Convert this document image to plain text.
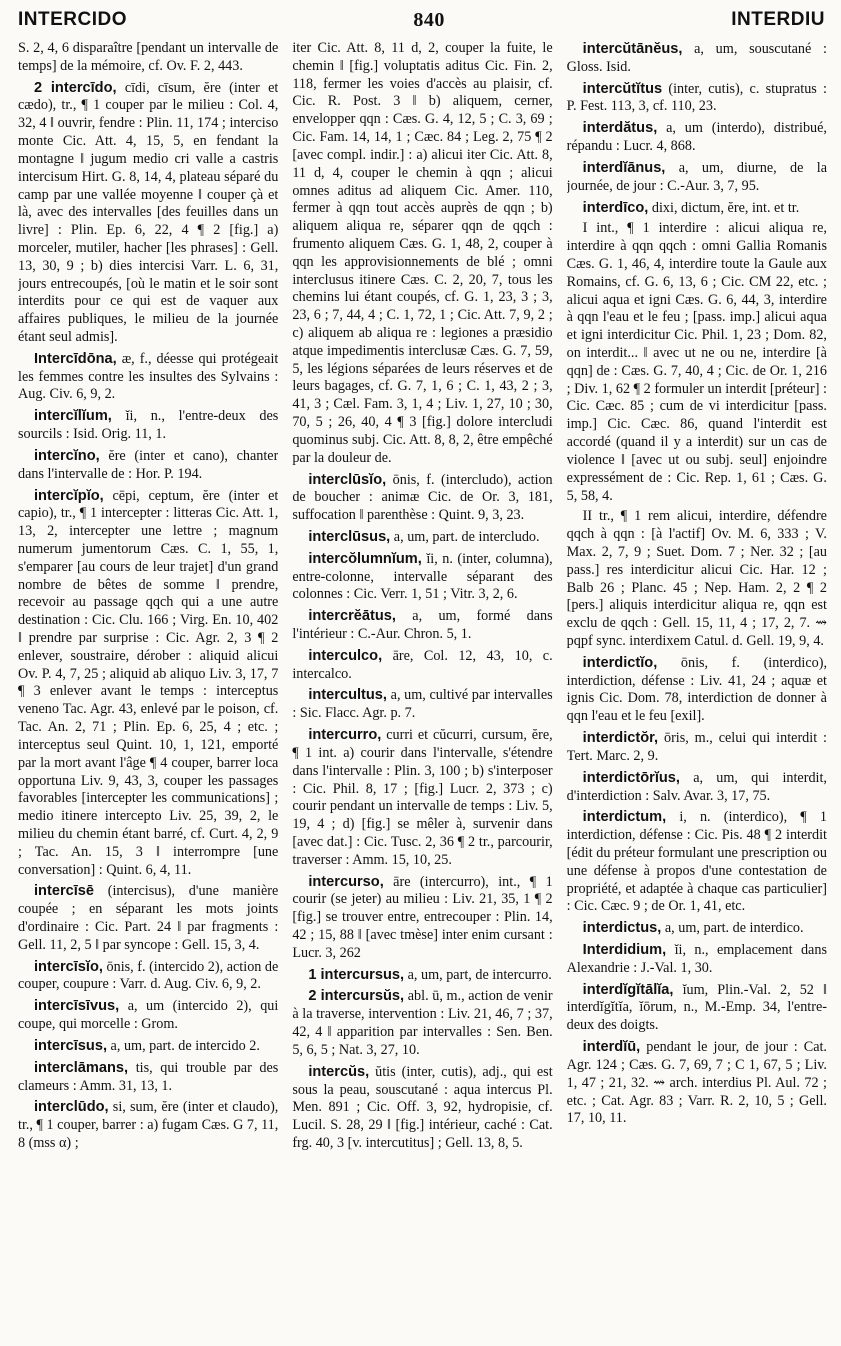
INTERCIDO	840	INTERDIU

S. 2, 4, 6 disparaître [pendant un intervalle de temps] de la mémoire, cf. Ov. F. 2, 443.

2 intercīdo, cīdi, cīsum, ĕre (inter et cædo), tr., ¶ 1 couper par le milieu : Col. 4, 32, 4 ‖ ouvrir, fendre : Plin. 11, 174 ; interciso monte Cic. Att. 4, 15, 5, en fendant la montagne ‖ jugum medio cri valle a castris intercisum Hirt. G. 8, 14, 4, plateau séparé du camp par une vallée moyenne ‖ couper çà et là, avec des intervalles [des feuilles dans un livre] : Plin. Ep. 6, 22, 4 ¶ 2 [fig.] a) morceler, mutiler, hacher [les phrases] : Gell. 13, 30, 9 ; b) dies intercisi Varr. L. 6, 31, jours entrecoupés, [où le matin et le soir sont interdits pour ce qui est de vaquer aux affaires publiques, le milieu de la journée étant seul admis].

Intercīdōna, æ, f., déesse qui protégeait les femmes contre les insultes des Sylvains : Aug. Civ. 6, 9, 2.

intercĭlĭum, ĭi, n., l'entre-deux des sourcils : Isid. Orig. 11, 1.

intercĭno, ĕre (inter et cano), chanter dans l'intervalle de : Hor. P. 194.

intercĭpĭo, cēpi, ceptum, ĕre (inter et capio), tr., ¶ 1 intercepter : litteras Cic. Att. 1, 13, 2, intercepter une lettre ; magnum numerum jumentorum Cæs. C. 1, 55, 1, s'emparer [au cours de leur trajet] d'un grand nombre de bêtes de somme ‖ prendre, recevoir au passage qqch qui a une autre destination : Cic. Clu. 166 ; Virg. En. 10, 402 ‖ prendre par surprise : Cic. Agr. 2, 3 ¶ 2 enlever, soustraire, dérober : aliquid alicui Ov. P. 4, 7, 25 ; aliquid ab aliquo Liv. 3, 17, 7 ¶ 3 enlever avant le temps : interceptus veneno Tac. Agr. 43, enlevé par le poison, cf. Tac. An. 2, 71 ; Plin. Ep. 6, 25, 4 ; etc. ; interceptus seul Quint. 10, 1, 121, emporté par la mort avant l'âge ¶ 4 couper, barrer loca opportuna Liv. 9, 43, 3, couper les passages favorables [intercepter les communications] ; medio itinere intercepto Liv. 25, 39, 2, le milieu du chemin étant barré, cf. Curt. 4, 2, 9 ; Tac. An. 15, 3 ‖ interrompre [une conversation] : Quint. 6, 4, 11.

intercīsē (intercisus), d'une manière coupée ; en séparant les mots joints d'ordinaire : Cic. Part. 24 ‖ par fragments : Gell. 11, 2, 5 ‖ par syncope : Gell. 15, 3, 4.

intercīsĭo, ōnis, f. (intercido 2), action de couper, coupure : Varr. d. Aug. Civ. 6, 9, 2.

intercīsīvus, a, um (intercido 2), qui coupe, qui morcelle : Grom.

intercīsus, a, um, part. de intercido 2.

interclāmans, tis, qui trouble par des clameurs : Amm. 31, 13, 1.

interclūdo, si, sum, ĕre (inter et claudo), tr., ¶ 1 couper, barrer : a) fugam Cæs. G 7, 11, 8 (mss α) ;

iter Cic. Att. 8, 11 d, 2, couper la fuite, le chemin ‖ [fig.] voluptatis aditus Cic. Fin. 2, 118, fermer les voies d'accès au plaisir, cf. Cic. R. Post. 3 ‖ b) aliquem, cerner, envelopper qqn : Cæs. G. 4, 12, 5 ; C. 3, 69 ; Cic. Fam. 14, 14, 1 ; Cæc. 84 ; Leg. 2, 75 ¶ 2 [avec compl. indir.] : a) alicui iter Cic. Att. 8, 11 d, 4, couper le chemin à qqn ; alicui omnes aditus ad aliquem Cic. Amer. 110, fermer à qqn tout accès auprès de qqn ; b) aliquem aliqua re, séparer qqn de qqch : frumento aliquem Cæs. G. 1, 48, 2, couper à qqn les approvisionnements de blé ; omni interclusus itinere Cæs. C. 2, 20, 7, tous les chemins lui étant coupés, cf. G. 1, 23, 3 ; 3, 23, 6 ; 7, 44, 4 ; C. 1, 72, 1 ; Cic. Att. 7, 9, 2 ; c) aliquem ab aliqua re : legiones a præsidio atque impedimentis interclusæ Cæs. G. 7, 59, 5, les légions séparées de leurs réserves et de leurs bagages, cf. G. 7, 1, 6 ; C. 1, 43, 2 ; 3, 41, 3 ; Cæl. Fam. 3, 1, 4 ; Liv. 1, 27, 10 ; 30, 70, 5 ; 26, 40, 4 ¶ 3 [fig.] dolore intercludi quominus subj. Cic. Att. 8, 8, 2, être empêché par la douleur de.

interclūsĭo, ōnis, f. (intercludo), action de boucher : animæ Cic. de Or. 3, 181, suffocation ‖ parenthèse : Quint. 9, 3, 23.

interclūsus, a, um, part. de intercludo.

intercŏlumnĭum, ĭi, n. (inter, columna), entre-colonne, intervalle séparant des colonnes : Cic. Verr. 1, 51 ; Vitr. 3, 2, 6.

intercrĕātus, a, um, formé dans l'intérieur : C.-Aur. Chron. 5, 1.

interculco, āre, Col. 12, 43, 10, c. intercalco.

intercultus, a, um, cultivé par intervalles : Sic. Flacc. Agr. p. 7.

intercurro, curri et cŭcurri, cursum, ĕre, ¶ 1 int. a) courir dans l'intervalle, s'étendre dans l'intervalle : Plin. 3, 100 ; b) s'interposer : Cic. Phil. 8, 17 ; [fig.] Lucr. 2, 373 ; c) courir pendant un intervalle de temps : Liv. 5, 19, 4 ; d) [fig.] se mêler à, survenir dans [avec dat.] : Cic. Tusc. 2, 36 ¶ 2 tr., parcourir, traverser : Amm. 15, 10, 25.

intercurso, āre (intercurro), int., ¶ 1 courir (se jeter) au milieu : Liv. 21, 35, 1 ¶ 2 [fig.] se trouver entre, entrecouper : Plin. 14, 42 ; 15, 88 ‖ [avec tmèse] inter enim cursant : Lucr. 3, 262

1 intercursus, a, um, part, de intercurro.

2 intercursŭs, abl. ū, m., action de venir à la traverse, intervention : Liv. 21, 46, 7 ; 37, 42, 4 ‖ apparition par intervalles : Sen. Ben. 5, 6, 5 ; Nat. 3, 27, 10.

intercŭs, ŭtis (inter, cutis), adj., qui est sous la peau, souscutané : aqua intercus Pl. Men. 891 ; Cic. Off. 3, 92, hydropisie, cf. Lucil. S. 28, 29 ‖ [fig.] intérieur, caché : Cat. frg. 40, 3 [v. intercutitus] ; Gell. 13, 8, 5.

intercŭtānĕus, a, um, souscutané : Gloss. Isid.

intercŭtĭtus (inter, cutis), c. stupratus : P. Fest. 113, 3, cf. 110, 23.

interdătus, a, um (interdo), distribué, répandu : Lucr. 4, 868.

interdĭānus, a, um, diurne, de la journée, de jour : C.-Aur. 3, 7, 95.

interdīco, dixi, dictum, ĕre, int. et tr.

I int., ¶ 1 interdire : alicui aliqua re, interdire à qqn qqch : omni Gallia Romanis Cæs. G. 1, 46, 4, interdire toute la Gaule aux Romains, cf. G. 6, 13, 6 ; Cic. CM 22, etc. ; alicui aqua et igni Cæs. G. 6, 44, 3, interdire à qqn l'eau et le feu ; [pass. imp.] alicui aqua et igni interdicitur Cic. Phil. 1, 23 ; Dom. 82, on interdit... ‖ avec ut ne ou ne, interdire [à qqn] de : Cæs. G. 7, 40, 4 ; Cic. de Or. 1, 216 ; Div. 1, 62 ¶ 2 formuler un interdit [préteur] : Cic. Cæc. 85 ; cum de vi interdicitur [pass. imp.] Cic. Cæc. 86, quand l'interdit est accordé (quand il y a interdit) sur un cas de violence ‖ [avec ut ou subj. seul] enjoindre expressément de : Cic. Rep. 1, 61 ; Cæs. G. 5, 58, 4.

II tr., ¶ 1 rem alicui, interdire, défendre qqch à qqn : [à l'actif] Ov. M. 6, 333 ; V. Max. 2, 7, 9 ; Suet. Dom. 7 ; Ner. 32 ; [au pass.] res interdicitur alicui Cic. Har. 12 ; Balb 26 ; Planc. 45 ; Nep. Ham. 2, 2 ¶ 2 [pers.] aliquis interdicitur aliqua re, qqn est exclu de qqch : Gell. 15, 11, 4 ; 17, 2, 7. ⇝ pqpf sync. interdixem Catul. d. Gell. 19, 9, 4.

interdictĭo, ōnis, f. (interdico), interdiction, défense : Liv. 41, 24 ; aquæ et ignis Cic. Dom. 78, interdiction de donner à qqn l'eau et le feu [exil].

interdictŏr, ōris, m., celui qui interdit : Tert. Marc. 2, 9.

interdictōrĭus, a, um, qui interdit, d'interdiction : Salv. Avar. 3, 17, 75.

interdictum, i, n. (interdico), ¶ 1 interdiction, défense : Cic. Pis. 48 ¶ 2 interdit [édit du préteur formulant une prescription ou une défense à propos d'une contestation de propriété, et adaptée à chaque cas particulier] : Cic. Cæc. 9 ; de Or. 1, 41, etc.

interdictus, a, um, part. de interdico.

Interdidium, ĭi, n., emplacement dans Alexandrie : J.-Val. 1, 30.

interdĭgĭtālĭa, ĭum, Plin.-Val. 2, 52 ‖ interdĭgĭtĭa, ĭōrum, n., M.-Emp. 34, l'entre-deux des doigts.

interdĭū, pendant le jour, de jour : Cat. Agr. 124 ; Cæs. G. 7, 69, 7 ; C 1, 67, 5 ; Liv. 1, 47 ; 21, 32. ⇝ arch. interdius Pl. Aul. 72 ; etc. ; Cat. Agr. 83 ; Varr. R. 2, 10, 5 ; Gell. 17, 10, 11.
